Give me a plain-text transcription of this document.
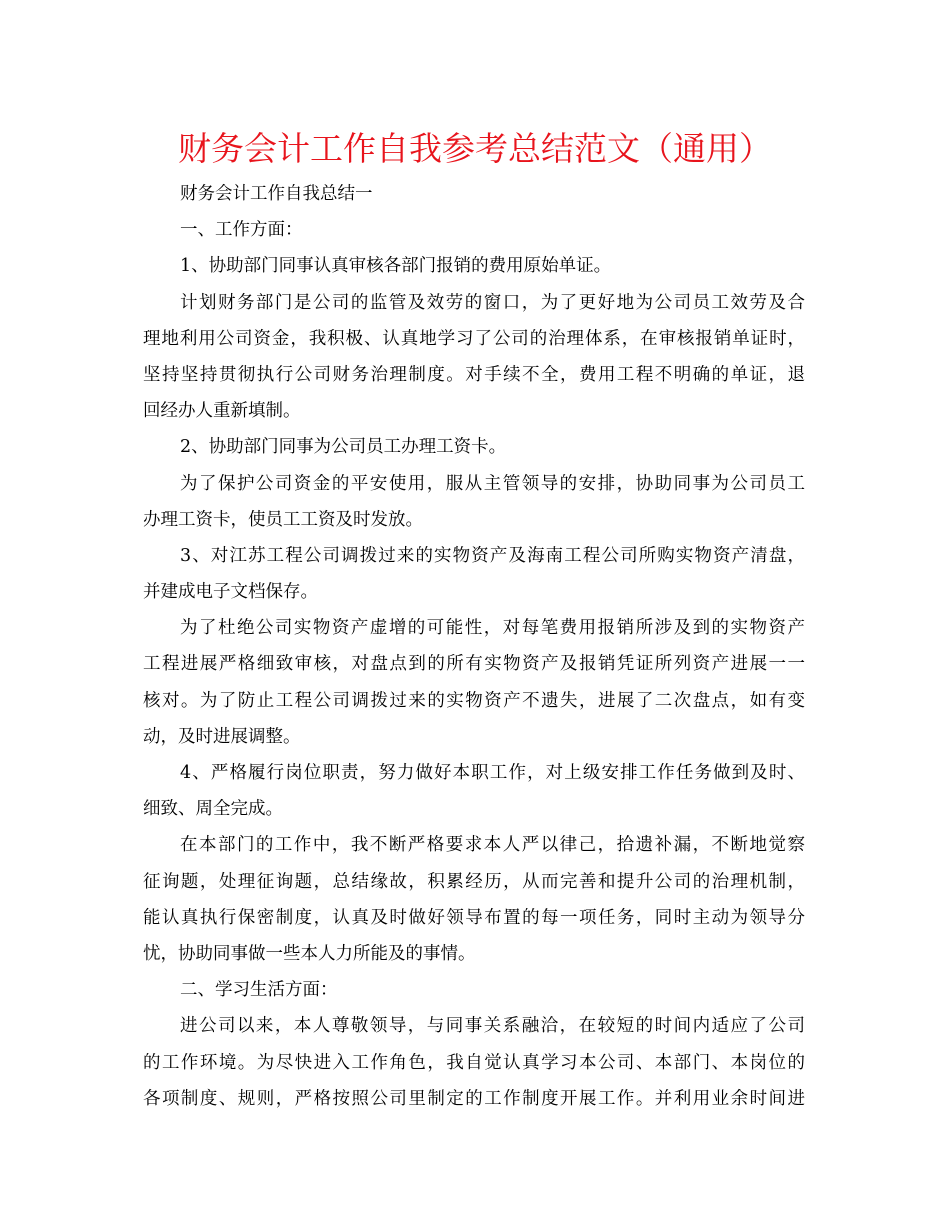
财务会计工作自我参考总结范文（通用）
财务会计工作自我总结一
一、工作方面：
1、协助部门同事认真审核各部门报销的费用原始单证。
计划财务部门是公司的监管及效劳的窗口，为了更好地为公司员工效劳及合
理地利用公司资金，我积极、认真地学习了公司的治理体系，在审核报销单证时，
坚持坚持贯彻执行公司财务治理制度。对手续不全，费用工程不明确的单证，退
回经办人重新填制。
2、协助部门同事为公司员工办理工资卡。
为了保护公司资金的平安使用，服从主管领导的安排，协助同事为公司员工
办理工资卡，使员工工资及时发放。
3、对江苏工程公司调拨过来的实物资产及海南工程公司所购实物资产清盘，
并建成电子文档保存。
为了杜绝公司实物资产虚增的可能性，对每笔费用报销所涉及到的实物资产
工程进展严格细致审核，对盘点到的所有实物资产及报销凭证所列资产进展一一
核对。为了防止工程公司调拨过来的实物资产不遗失，进展了二次盘点，如有变
动，及时进展调整。
4、严格履行岗位职责，努力做好本职工作，对上级安排工作任务做到及时、
细致、周全完成。
在本部门的工作中，我不断严格要求本人严以律己，拾遗补漏，不断地觉察
征询题，处理征询题，总结缘故，积累经历，从而完善和提升公司的治理机制，
能认真执行保密制度，认真及时做好领导布置的每一项任务，同时主动为领导分
忧，协助同事做一些本人力所能及的事情。
二、学习生活方面：
进公司以来，本人尊敬领导，与同事关系融洽，在较短的时间内适应了公司
的工作环境。为尽快进入工作角色，我自觉认真学习本公司、本部门、本岗位的
各项制度、规则，严格按照公司里制定的工作制度开展工作。并利用业余时间进
